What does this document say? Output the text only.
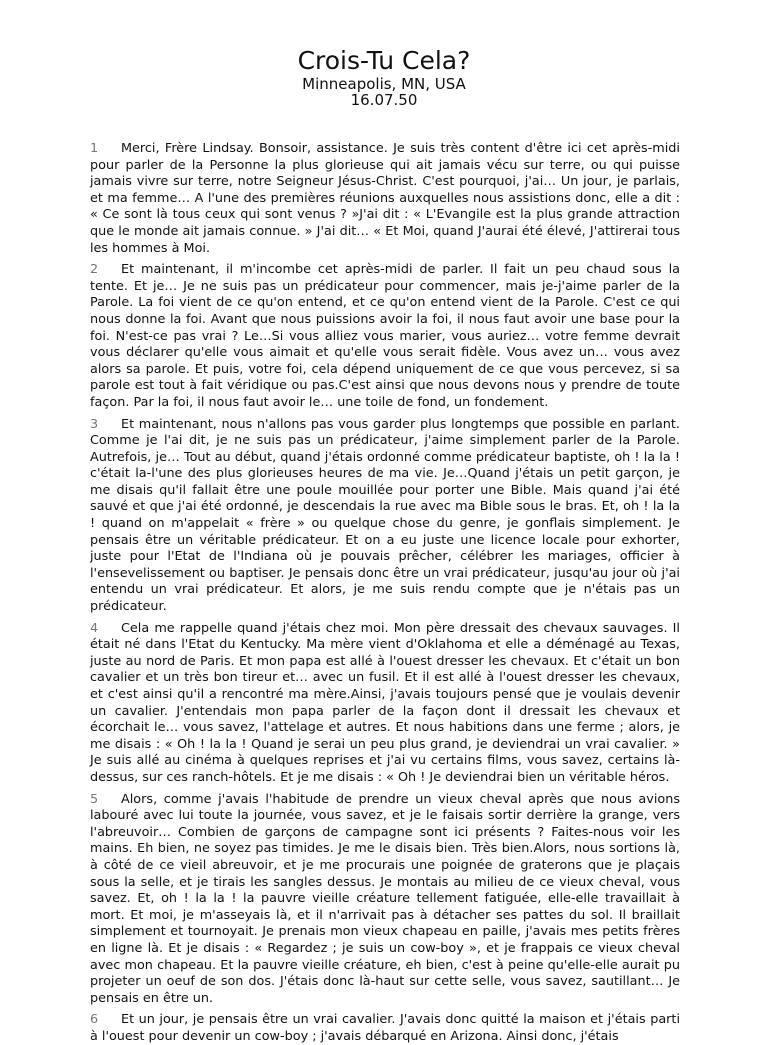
Crois-Tu Cela?
Minneapolis, MN, USA
16.07.50

1 Merci, Frère Lindsay. Bonsoir, assistance. Je suis très content d'être ici cet après-midi pour parler de la Personne la plus glorieuse qui ait jamais vécu sur terre, ou qui puisse jamais vivre sur terre, notre Seigneur Jésus-Christ. C'est pourquoi, j'ai… Un jour, je parlais, et ma femme… A l'une des premières réunions auxquelles nous assistions donc, elle a dit : « Ce sont là tous ceux qui sont venus ? »J'ai dit : « L'Evangile est la plus grande attraction que le monde ait jamais connue. » J'ai dit… « Et Moi, quand J'aurai été élevé, J'attirerai tous les hommes à Moi.

2 Et maintenant, il m'incombe cet après-midi de parler. Il fait un peu chaud sous la tente. Et je… Je ne suis pas un prédicateur pour commencer, mais je-j'aime parler de la Parole. La foi vient de ce qu'on entend, et ce qu'on entend vient de la Parole. C'est ce qui nous donne la foi. Avant que nous puissions avoir la foi, il nous faut avoir une base pour la foi. N'est-ce pas vrai ? Le…Si vous alliez vous marier, vous auriez… votre femme devrait vous déclarer qu'elle vous aimait et qu'elle vous serait fidèle. Vous avez un… vous avez alors sa parole. Et puis, votre foi, cela dépend uniquement de ce que vous percevez, si sa parole est tout à fait véridique ou pas.C'est ainsi que nous devons nous y prendre de toute façon. Par la foi, il nous faut avoir le… une toile de fond, un fondement.

3 Et maintenant, nous n'allons pas vous garder plus longtemps que possible en parlant. Comme je l'ai dit, je ne suis pas un prédicateur, j'aime simplement parler de la Parole. Autrefois, je… Tout au début, quand j'étais ordonné comme prédicateur baptiste, oh ! la la ! c'était la-l'une des plus glorieuses heures de ma vie. Je…Quand j'étais un petit garçon, je me disais qu'il fallait être une poule mouillée pour porter une Bible. Mais quand j'ai été sauvé et que j'ai été ordonné, je descendais la rue avec ma Bible sous le bras. Et, oh ! la la ! quand on m'appelait « frère » ou quelque chose du genre, je gonflais simplement. Je pensais être un véritable prédicateur. Et on a eu juste une licence locale pour exhorter, juste pour l'Etat de l'Indiana où je pouvais prêcher, célébrer les mariages, officier à l'ensevelissement ou baptiser. Je pensais donc être un vrai prédicateur, jusqu'au jour où j'ai entendu un vrai prédicateur. Et alors, je me suis rendu compte que je n'étais pas un prédicateur.

4 Cela me rappelle quand j'étais chez moi. Mon père dressait des chevaux sauvages. Il était né dans l'Etat du Kentucky. Ma mère vient d'Oklahoma et elle a déménagé au Texas, juste au nord de Paris. Et mon papa est allé à l'ouest dresser les chevaux. Et c'était un bon cavalier et un très bon tireur et… avec un fusil. Et il est allé à l'ouest dresser les chevaux, et c'est ainsi qu'il a rencontré ma mère.Ainsi, j'avais toujours pensé que je voulais devenir un cavalier. J'entendais mon papa parler de la façon dont il dressait les chevaux et écorchait le… vous savez, l'attelage et autres. Et nous habitions dans une ferme ; alors, je me disais : « Oh ! la la ! Quand je serai un peu plus grand, je deviendrai un vrai cavalier. » Je suis allé au cinéma à quelques reprises et j'ai vu certains films, vous savez, certains là-dessus, sur ces ranch-hôtels. Et je me disais : « Oh ! Je deviendrai bien un véritable héros.

5 Alors, comme j'avais l'habitude de prendre un vieux cheval après que nous avions labouré avec lui toute la journée, vous savez, et je le faisais sortir derrière la grange, vers l'abreuvoir… Combien de garçons de campagne sont ici présents ? Faites-nous voir les mains. Eh bien, ne soyez pas timides. Je me le disais bien. Très bien.Alors, nous sortions là, à côté de ce vieil abreuvoir, et je me procurais une poignée de graterons que je plaçais sous la selle, et je tirais les sangles dessus. Je montais au milieu de ce vieux cheval, vous savez. Et, oh ! la la ! la pauvre vieille créature tellement fatiguée, elle-elle travaillait à mort. Et moi, je m'asseyais là, et il n'arrivait pas à détacher ses pattes du sol. Il braillait simplement et tournoyait. Je prenais mon vieux chapeau en paille, j'avais mes petits frères en ligne là. Et je disais : « Regardez ; je suis un cow-boy », et je frappais ce vieux cheval avec mon chapeau. Et la pauvre vieille créature, eh bien, c'est à peine qu'elle-elle aurait pu projeter un oeuf de son dos. J'étais donc là-haut sur cette selle, vous savez, sautillant… Je pensais en être un.

6 Et un jour, je pensais être un vrai cavalier. J'avais donc quitté la maison et j'étais parti à l'ouest pour devenir un cow-boy ; j'avais débarqué en Arizona. Ainsi donc, j'étais
